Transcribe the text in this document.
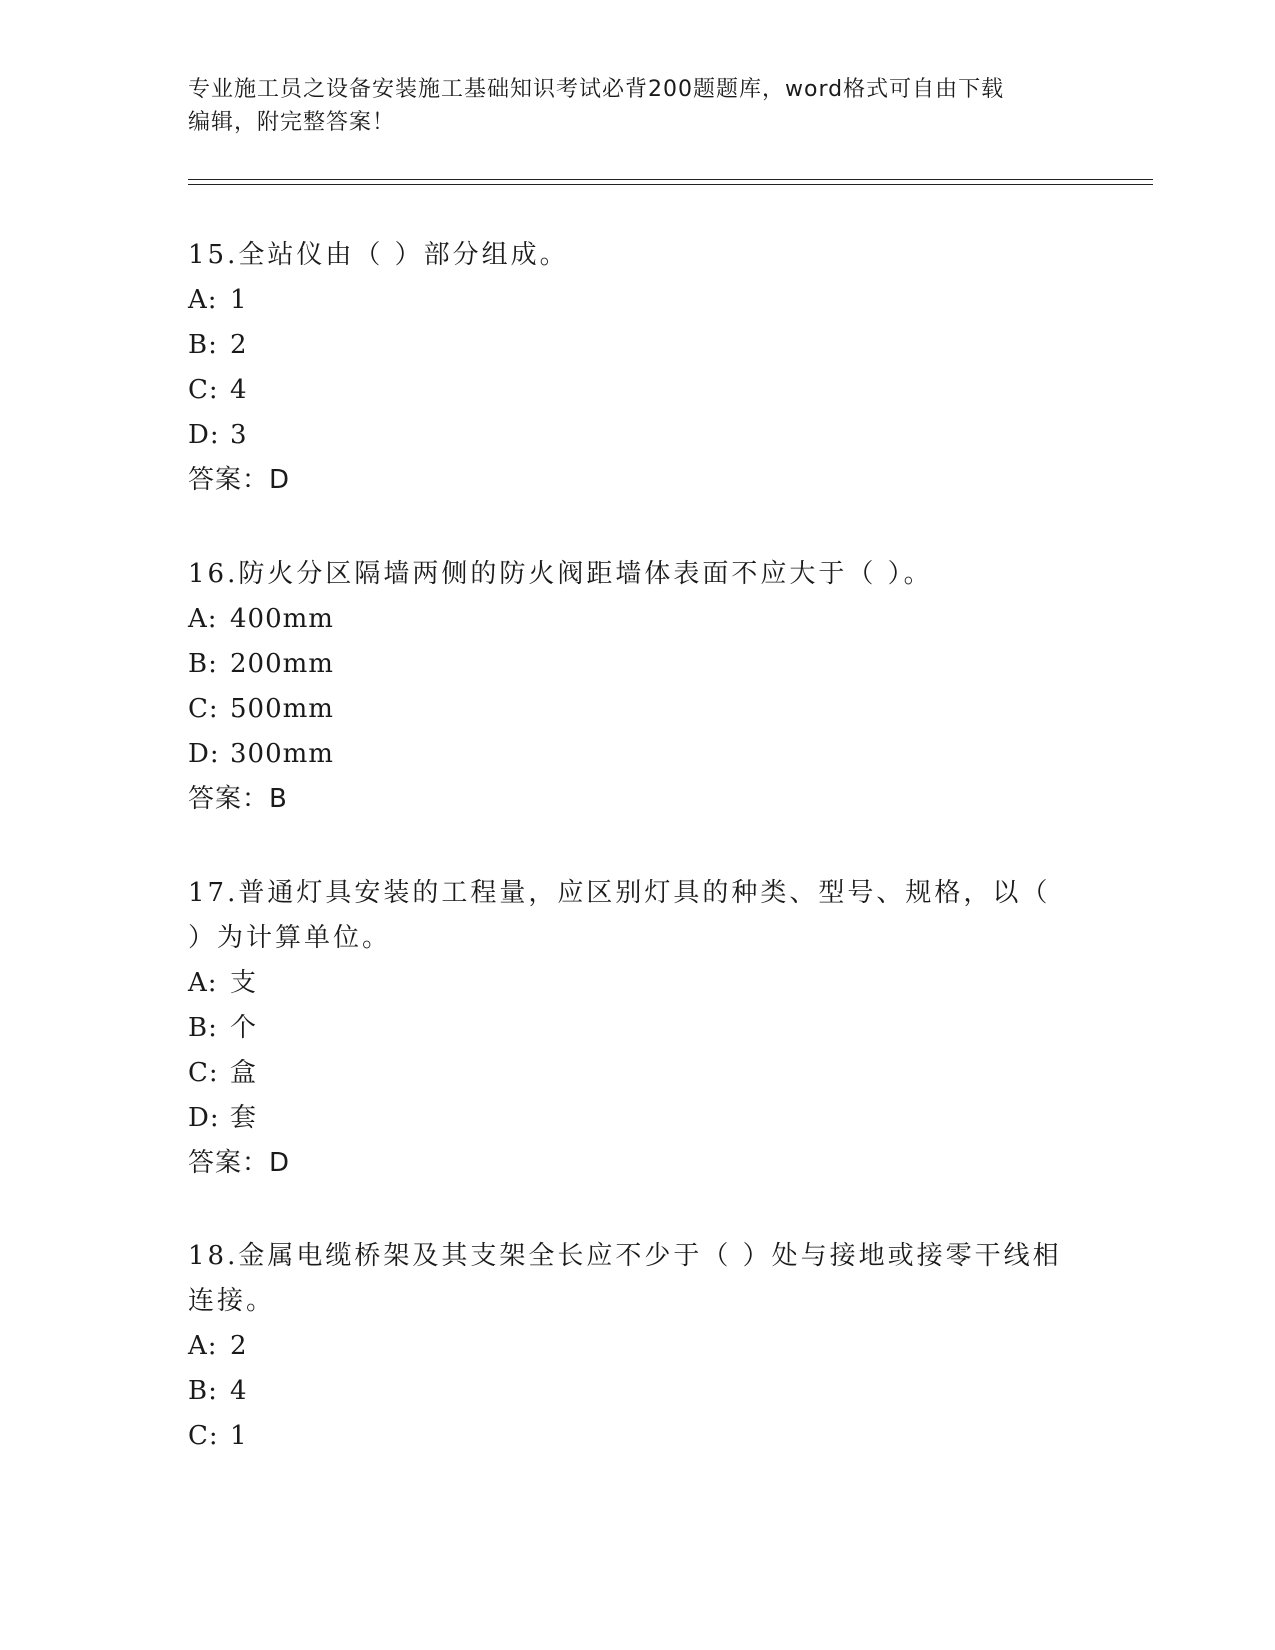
专业施工员之设备安装施工基础知识考试必背200题题库，word格式可自由下载
编辑，附完整答案！

15.全站仪由（ ）部分组成。

A: 1

B: 2

C: 4

D: 3

答案：D

16.防火分区隔墙两侧的防火阀距墙体表面不应大于（ ）。

A: 400mm

B: 200mm

C: 500mm

D: 300mm

答案：B

17.普通灯具安装的工程量，应区别灯具的种类、型号、规格，以（

）为计算单位。

A: 支

B: 个

C: 盒

D: 套

答案：D

18.金属电缆桥架及其支架全长应不少于（ ）处与接地或接零干线相

连接。

A: 2

B: 4

C: 1
